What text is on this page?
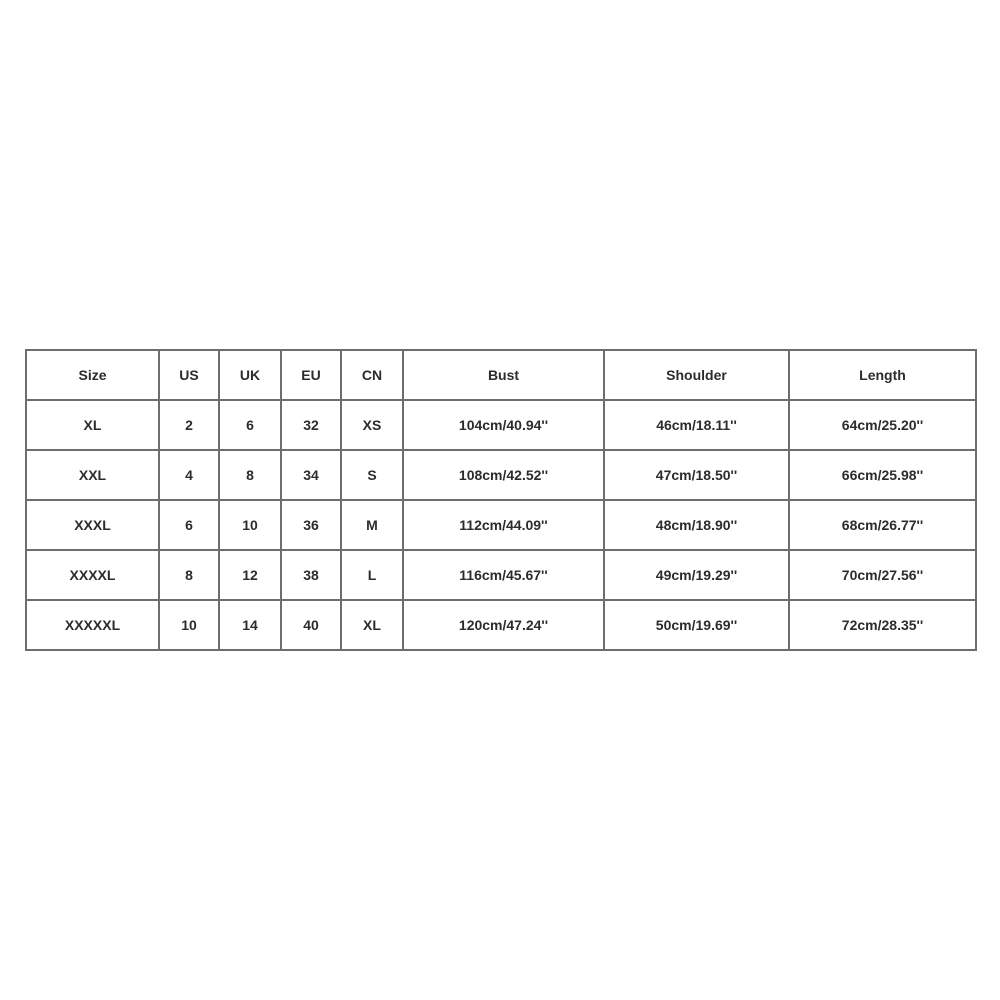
Size	US	UK	EU	CN	Bust	Shoulder	Length
XL	2	6	32	XS	104cm/40.94''	46cm/18.11''	64cm/25.20''
XXL	4	8	34	S	108cm/42.52''	47cm/18.50''	66cm/25.98''
XXXL	6	10	36	M	112cm/44.09''	48cm/18.90''	68cm/26.77''
XXXXL	8	12	38	L	116cm/45.67''	49cm/19.29''	70cm/27.56''
XXXXXL	10	14	40	XL	120cm/47.24''	50cm/19.69''	72cm/28.35''
